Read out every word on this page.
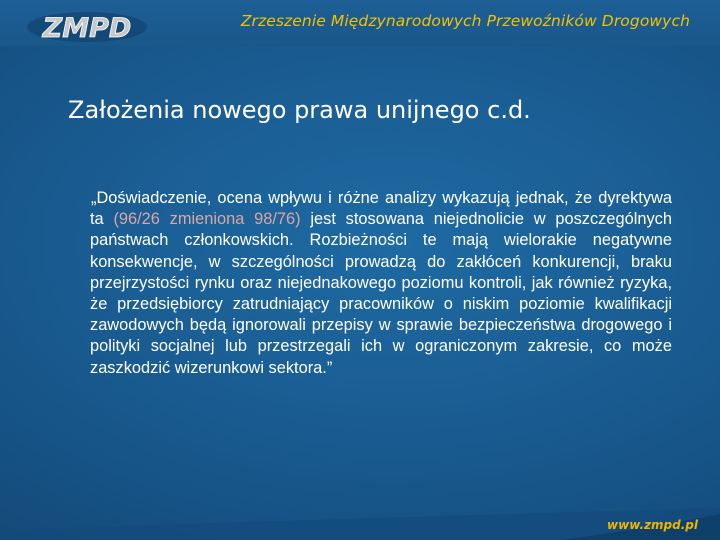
ZMPD	Zrzeszenie Międzynarodowych Przewoźników Drogowych
Założenia nowego prawa unijnego c.d.
„Doświadczenie, ocena wpływu i różne analizy wykazują jednak, że dyrektywa ta (96/26 zmieniona 98/76) jest stosowana niejednolicie w poszczególnych państwach członkowskich. Rozbieżności te mają wielorakie negatywne konsekwencje, w szczególności prowadzą do zakłóceń konkurencji, braku przejrzystości rynku oraz niejednakowego poziomu kontroli, jak również ryzyka, że przedsiębiorcy zatrudniający pracowników o niskim poziomie kwalifikacji zawodowych będą ignorowali przepisy w sprawie bezpieczeństwa drogowego i polityki socjalnej lub przestrzegali ich w ograniczonym zakresie, co może zaszkodzić wizerunkowi sektora.”
www.zmpd.pl
